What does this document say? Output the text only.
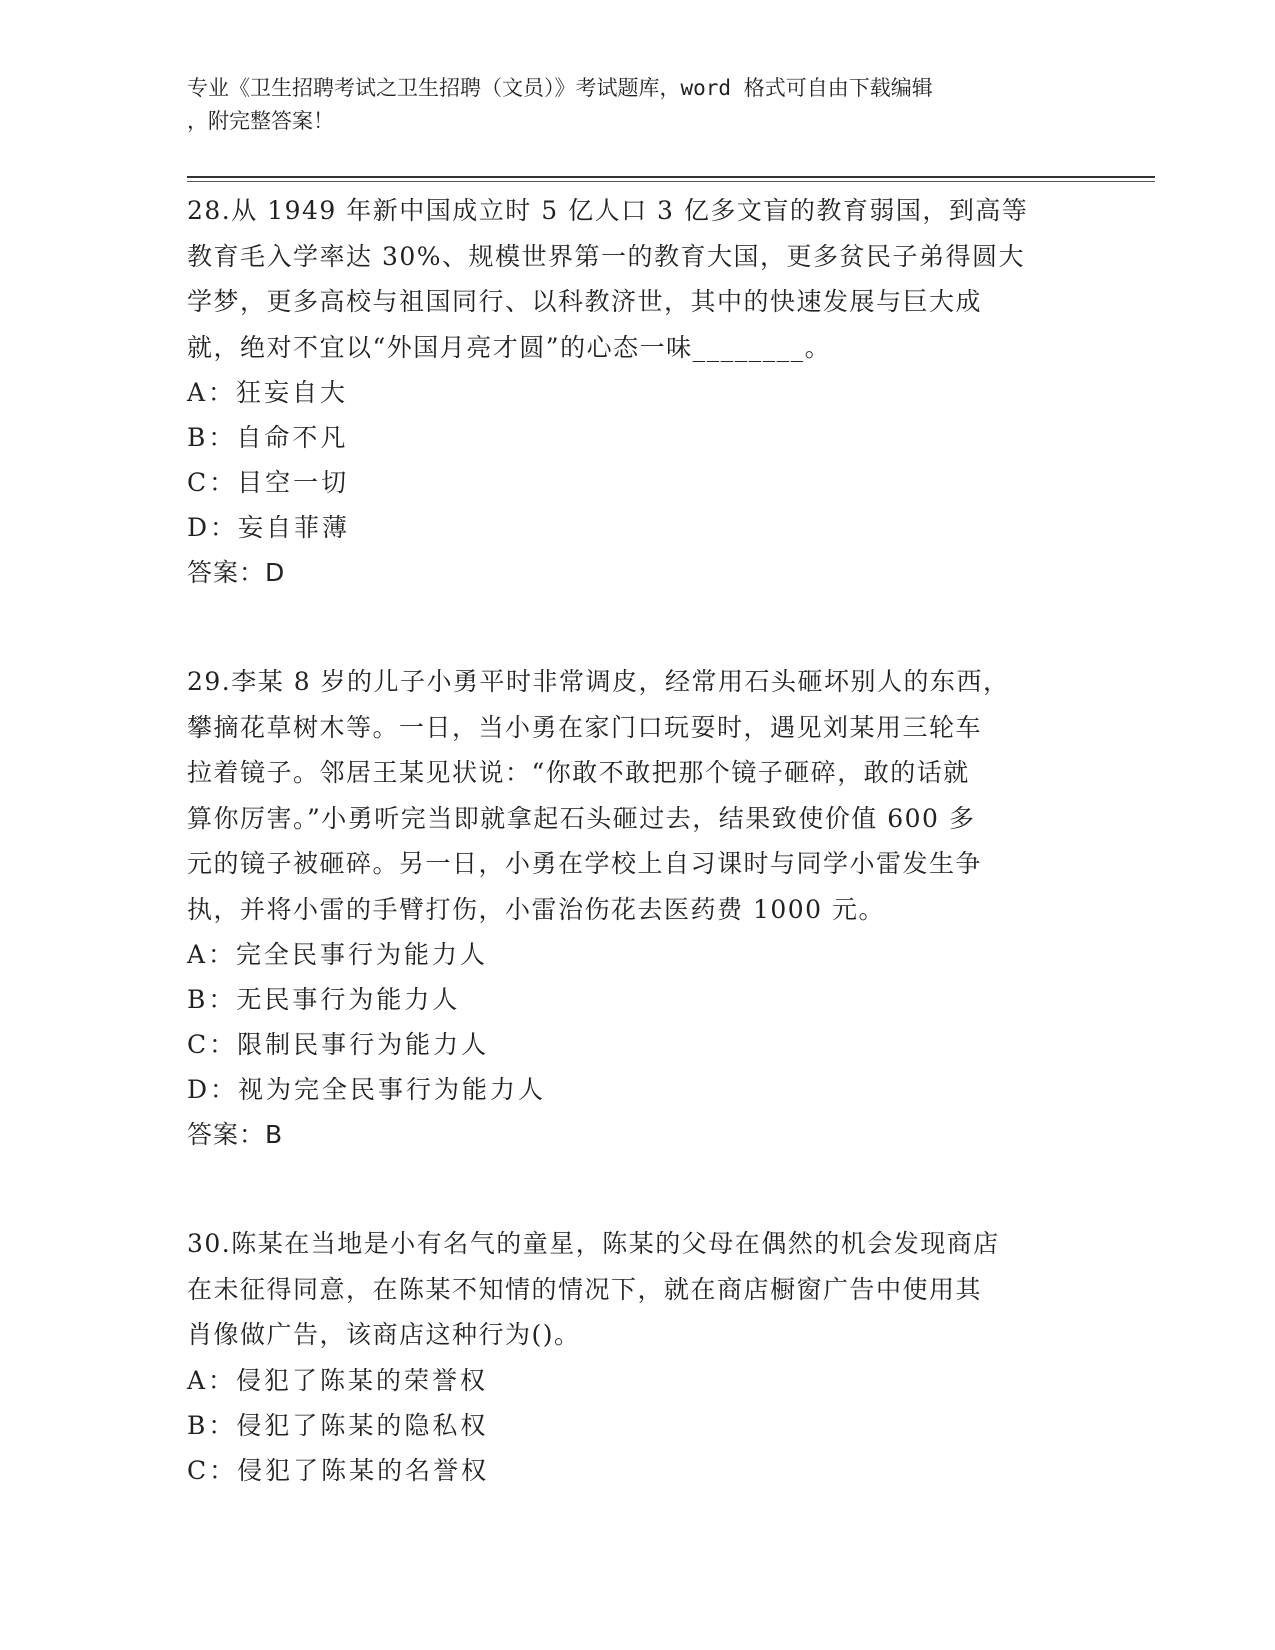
专业《卫生招聘考试之卫生招聘（文员）》考试题库，word 格式可自由下载编辑
，附完整答案！

28.从 1949 年新中国成立时 5 亿人口 3 亿多文盲的教育弱国，到高等

教育毛入学率达 30%、规模世界第一的教育大国，更多贫民子弟得圆大

学梦，更多高校与祖国同行、以科教济世，其中的快速发展与巨大成

就，绝对不宜以“外国月亮才圆”的心态一味________。

A：狂妄自大

B：自命不凡

C：目空一切

D：妄自菲薄

答案：D

29.李某 8 岁的儿子小勇平时非常调皮，经常用石头砸坏别人的东西，

攀摘花草树木等。一日，当小勇在家门口玩耍时，遇见刘某用三轮车

拉着镜子。邻居王某见状说：“你敢不敢把那个镜子砸碎，敢的话就

算你厉害。”小勇听完当即就拿起石头砸过去，结果致使价值 600 多

元的镜子被砸碎。另一日，小勇在学校上自习课时与同学小雷发生争

执，并将小雷的手臂打伤，小雷治伤花去医药费 1000 元。

A：完全民事行为能力人

B：无民事行为能力人

C：限制民事行为能力人

D：视为完全民事行为能力人

答案：B

30.陈某在当地是小有名气的童星，陈某的父母在偶然的机会发现商店

在未征得同意，在陈某不知情的情况下，就在商店橱窗广告中使用其

肖像做广告，该商店这种行为()。

A：侵犯了陈某的荣誉权

B：侵犯了陈某的隐私权

C：侵犯了陈某的名誉权
